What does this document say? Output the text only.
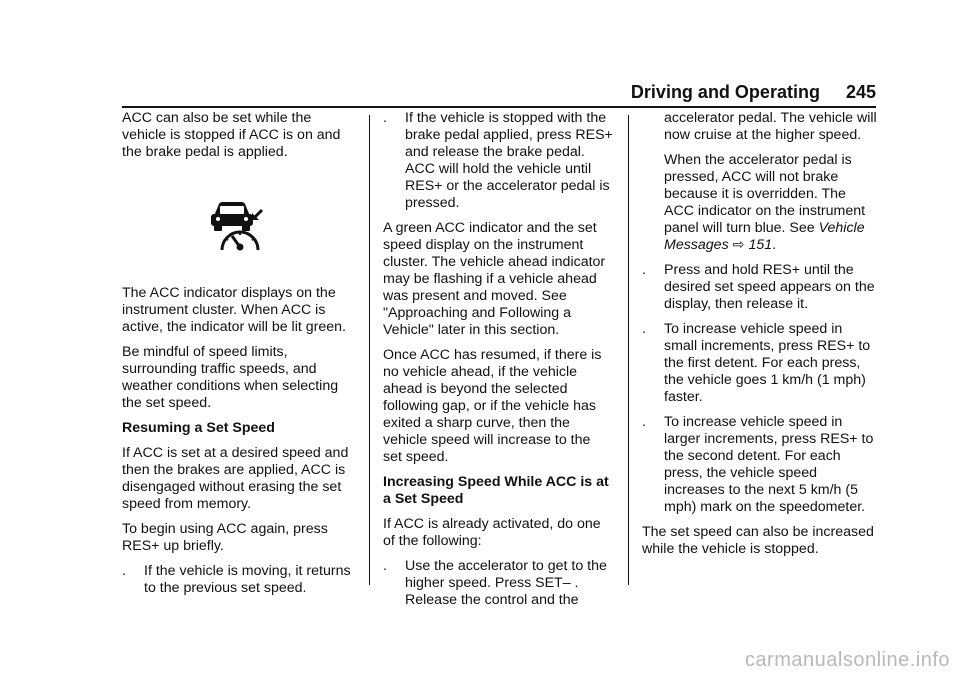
Driving and Operating 245

ACC can also be set while the vehicle is stopped if ACC is on and the brake pedal is applied.

The ACC indicator displays on the instrument cluster. When ACC is active, the indicator will be lit green.

Be mindful of speed limits, surrounding traffic speeds, and weather conditions when selecting the set speed.

Resuming a Set Speed

If ACC is set at a desired speed and then the brakes are applied, ACC is disengaged without erasing the set speed from memory.

To begin using ACC again, press RES+ up briefly.

.	If the vehicle is moving, it returns to the previous set speed.
.	If the vehicle is stopped with the brake pedal applied, press RES+ and release the brake pedal. ACC will hold the vehicle until RES+ or the accelerator pedal is pressed.

A green ACC indicator and the set speed display on the instrument cluster. The vehicle ahead indicator may be flashing if a vehicle ahead was present and moved. See "Approaching and Following a Vehicle" later in this section.

Once ACC has resumed, if there is no vehicle ahead, if the vehicle ahead is beyond the selected following gap, or if the vehicle has exited a sharp curve, then the vehicle speed will increase to the set speed.

Increasing Speed While ACC is at a Set Speed

If ACC is already activated, do one of the following:

.	Use the accelerator to get to the higher speed. Press SET– . Release the control and the

accelerator pedal. The vehicle will now cruise at the higher speed.

When the accelerator pedal is pressed, ACC will not brake because it is overridden. The ACC indicator on the instrument panel will turn blue. See Vehicle Messages ⇨ 151.

.	Press and hold RES+ until the desired set speed appears on the display, then release it.
.	To increase vehicle speed in small increments, press RES+ to the first detent. For each press, the vehicle goes 1 km/h (1 mph) faster.
.	To increase vehicle speed in larger increments, press RES+ to the second detent. For each press, the vehicle speed increases to the next 5 km/h (5 mph) mark on the speedometer.

The set speed can also be increased while the vehicle is stopped.

carmanualsonline.info
